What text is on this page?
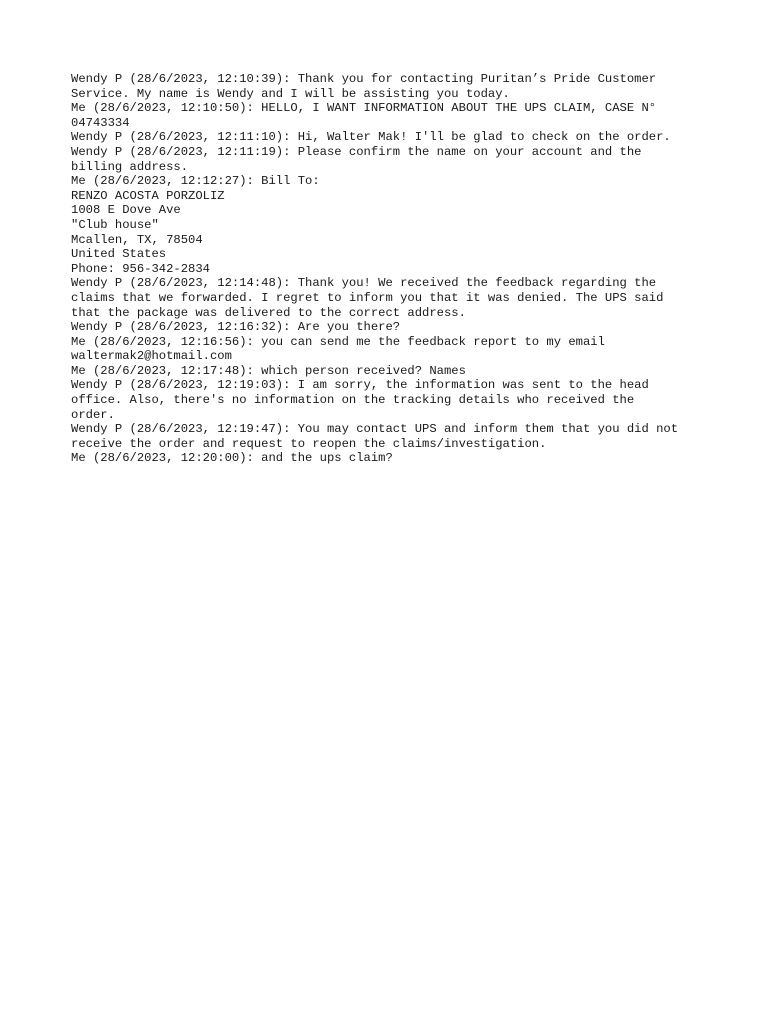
Wendy P (28/6/2023, 12:10:39): Thank you for contacting Puritan’s Pride Customer

Service. My name is Wendy and I will be assisting you today.

Me (28/6/2023, 12:10:50): HELLO, I WANT INFORMATION ABOUT THE UPS CLAIM, CASE N°

04743334

Wendy P (28/6/2023, 12:11:10): Hi, Walter Mak! I'll be glad to check on the order.

Wendy P (28/6/2023, 12:11:19): Please confirm the name on your account and the

billing address.

Me (28/6/2023, 12:12:27): Bill To:

RENZO ACOSTA PORZOLIZ

1008 E Dove Ave

"Club house"

Mcallen, TX, 78504

United States

Phone: 956-342-2834

Wendy P (28/6/2023, 12:14:48): Thank you! We received the feedback regarding the

claims that we forwarded. I regret to inform you that it was denied. The UPS said

that the package was delivered to the correct address.

Wendy P (28/6/2023, 12:16:32): Are you there?

Me (28/6/2023, 12:16:56): you can send me the feedback report to my email

waltermak2@hotmail.com

Me (28/6/2023, 12:17:48): which person received? Names

Wendy P (28/6/2023, 12:19:03): I am sorry, the information was sent to the head

office. Also, there's no information on the tracking details who received the

order.

Wendy P (28/6/2023, 12:19:47): You may contact UPS and inform them that you did not

receive the order and request to reopen the claims/investigation.

Me (28/6/2023, 12:20:00): and the ups claim?
